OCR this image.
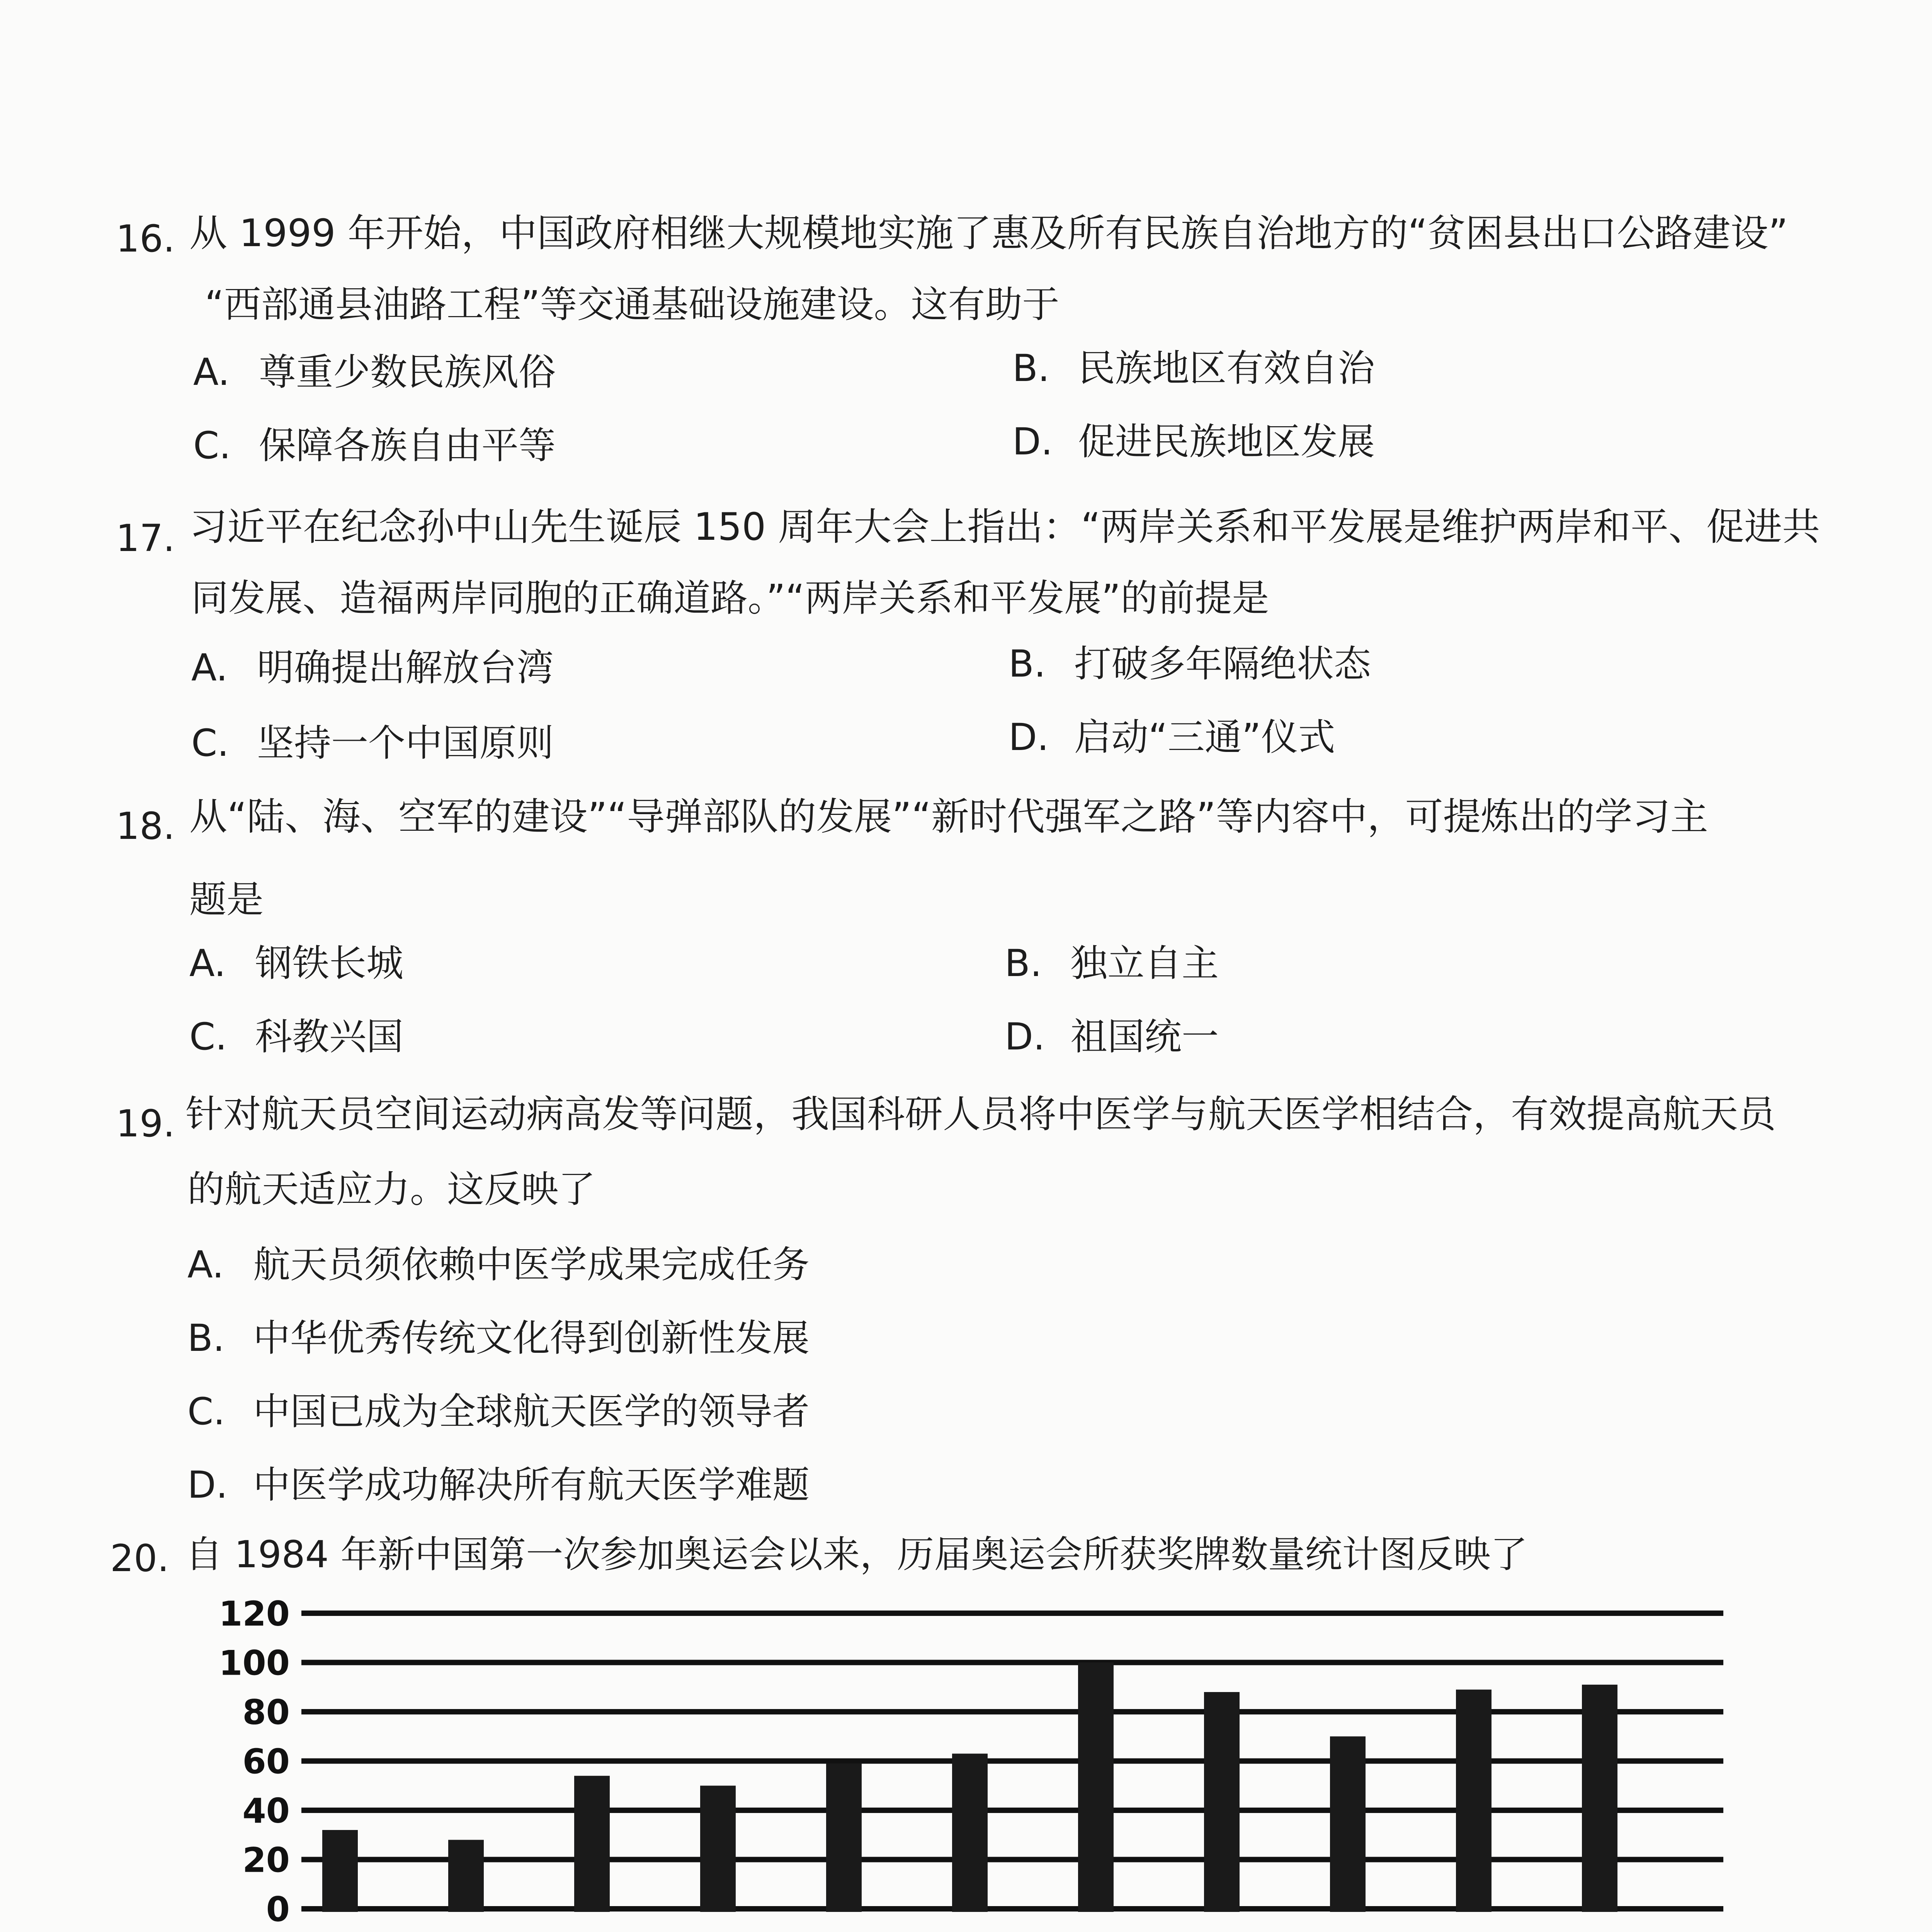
16. 从 1999 年开始，中国政府相继大规模地实施了惠及所有民族自治地方的“贫困县出口公路建设”
“西部通县油路工程”等交通基础设施建设。这有助于
A. 尊重少数民族风俗	B. 民族地区有效自治
C. 保障各族自由平等	D. 促进民族地区发展
17. 习近平在纪念孙中山先生诞辰 150 周年大会上指出：“两岸关系和平发展是维护两岸和平、促进共
同发展、造福两岸同胞的正确道路。”“两岸关系和平发展”的前提是
A. 明确提出解放台湾	B. 打破多年隔绝状态
C. 坚持一个中国原则	D. 启动“三通”仪式
18. 从“陆、海、空军的建设”“导弹部队的发展”“新时代强军之路”等内容中，可提炼出的学习主
题是
A. 钢铁长城	B. 独立自主
C. 科教兴国	D. 祖国统一
19. 针对航天员空间运动病高发等问题，我国科研人员将中医学与航天医学相结合，有效提高航天员
的航天适应力。这反映了
A. 航天员须依赖中医学成果完成任务
B. 中华优秀传统文化得到创新性发展
C. 中国已成为全球航天医学的领导者
D. 中医学成功解决所有航天医学难题
20. 自 1984 年新中国第一次参加奥运会以来，历届奥运会所获奖牌数量统计图反映了
0
20
40
60
80
100
120
